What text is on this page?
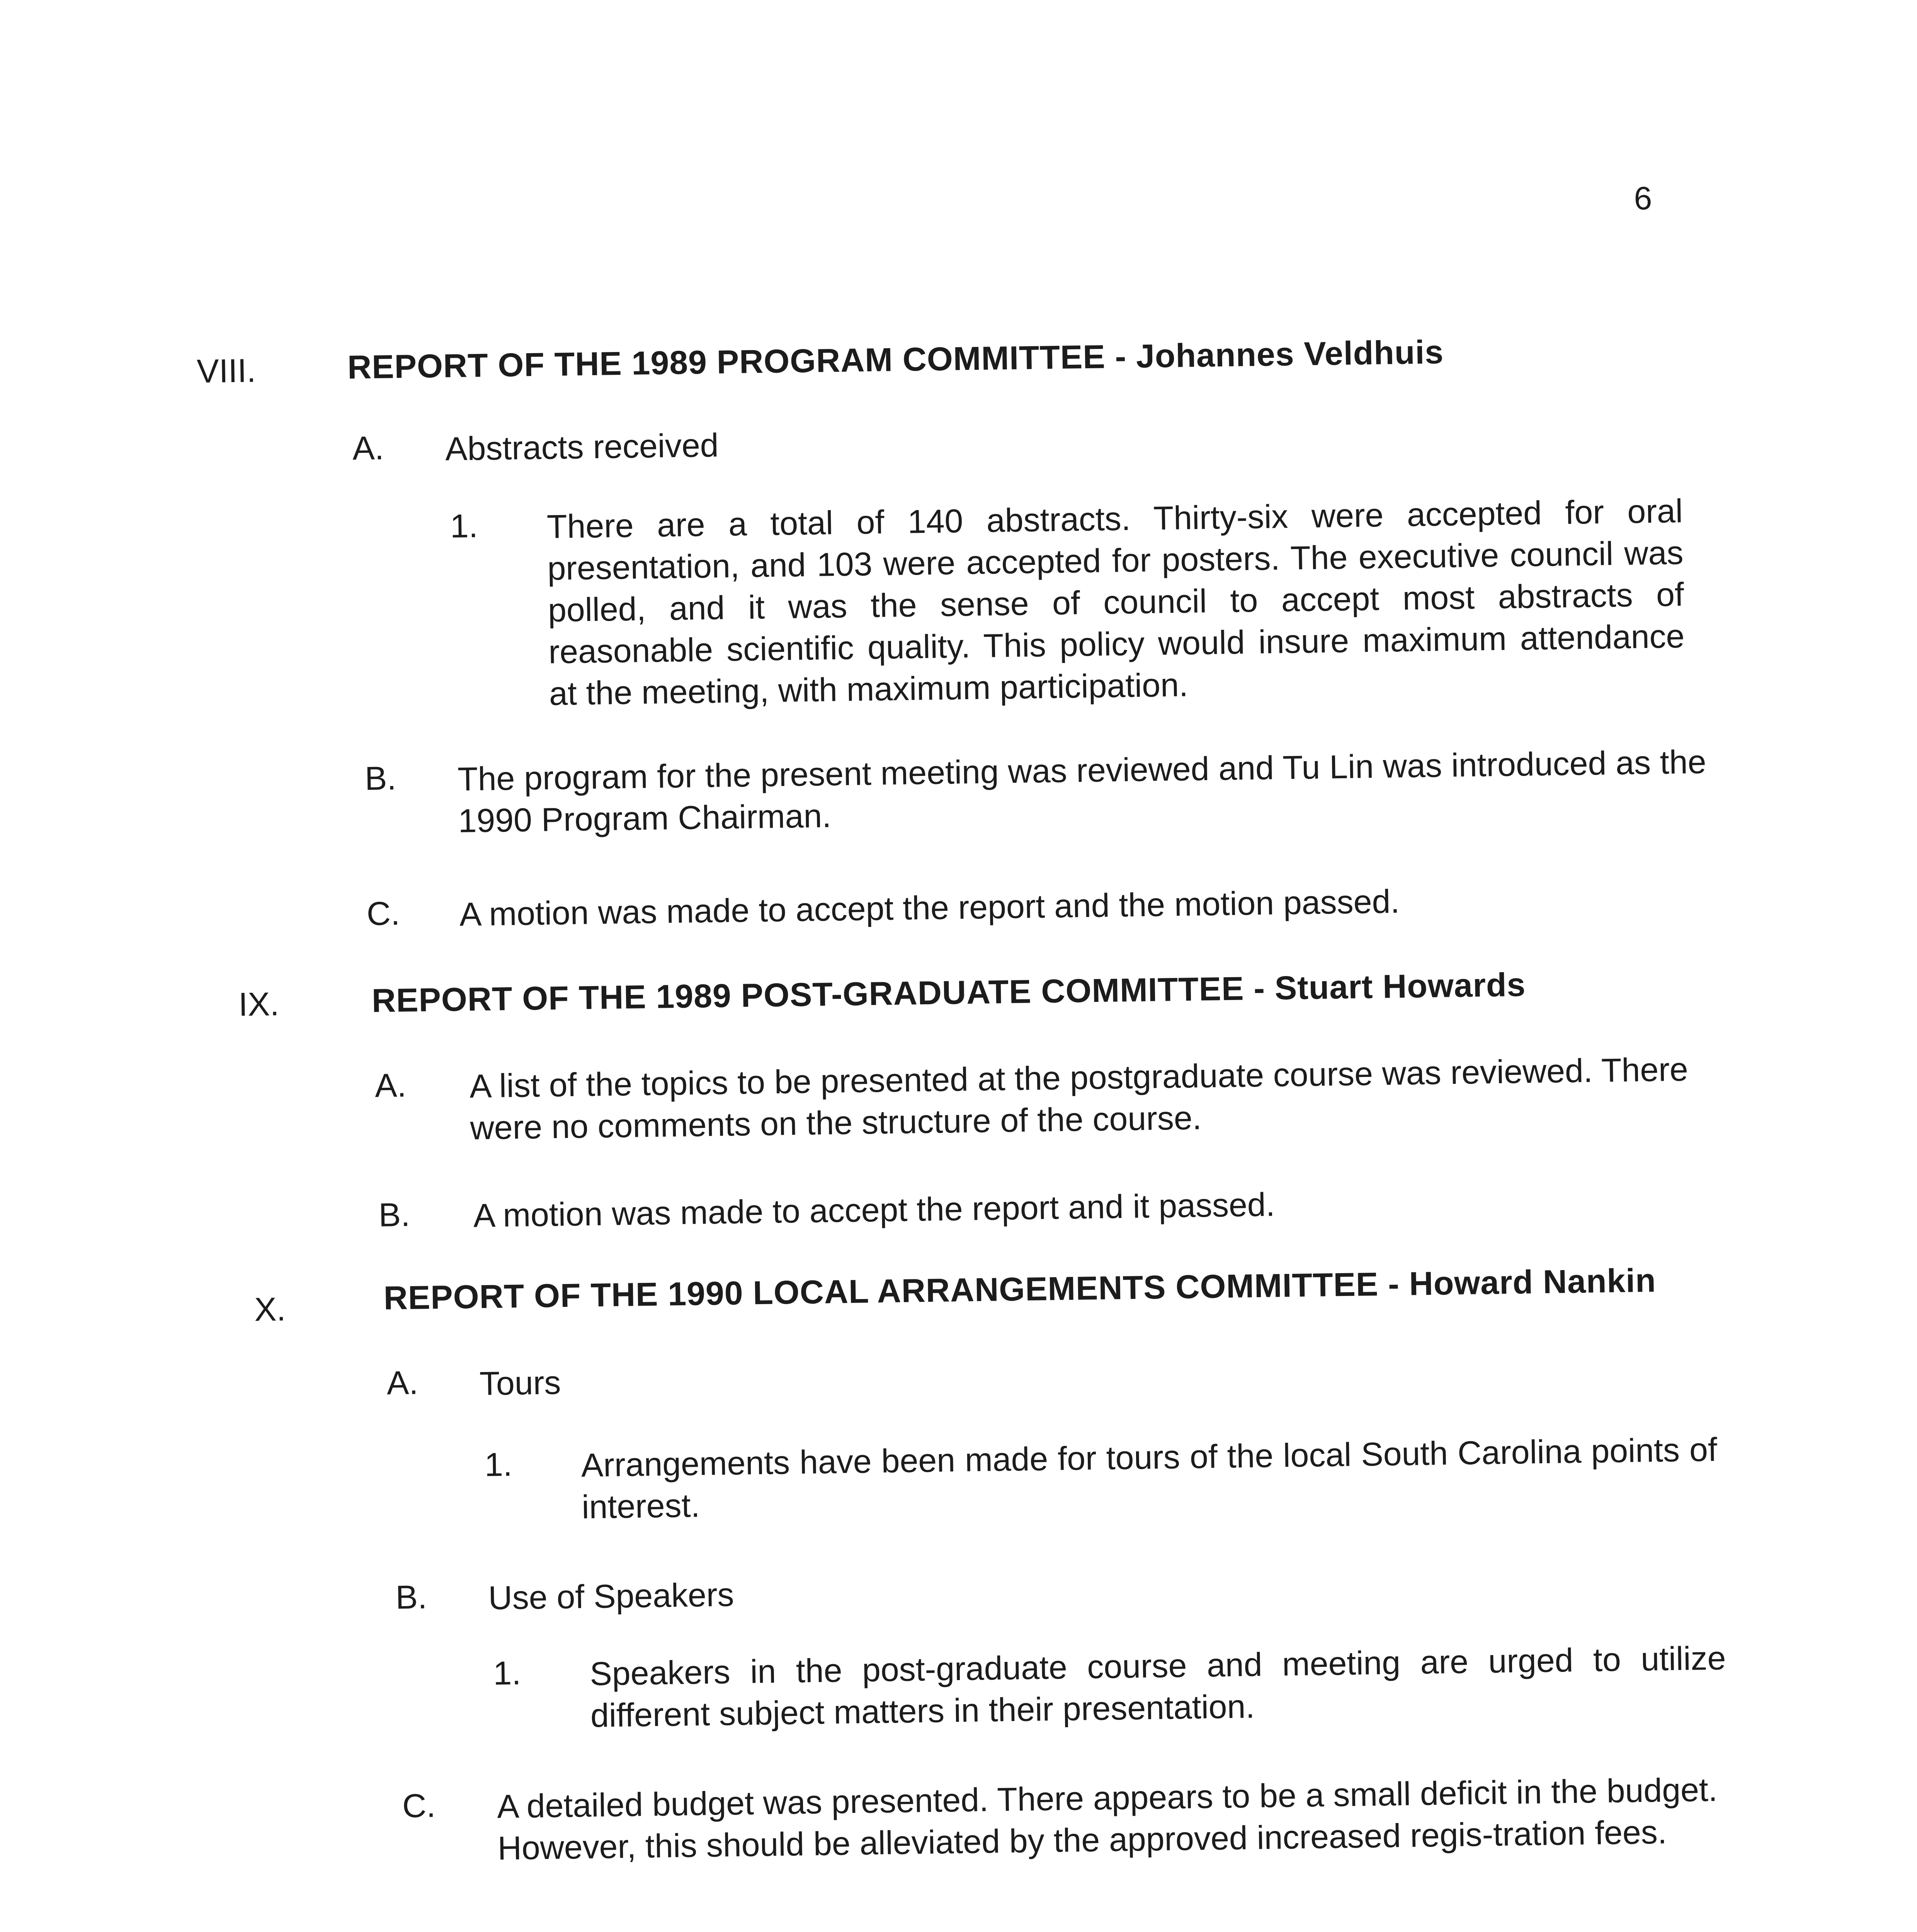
6
VIII.	REPORT OF THE 1989 PROGRAM COMMITTEE - Johannes Veldhuis
A. Abstracts received
1. There are a total of 140 abstracts. Thirty-six were accepted for oral presentation, and 103 were accepted for posters. The executive council was polled, and it was the sense of council to accept most abstracts of reasonable scientific quality. This policy would insure maximum attendance at the meeting, with maximum participation.
B. The program for the present meeting was reviewed and Tu Lin was introduced as the 1990 Program Chairman.
C. A motion was made to accept the report and the motion passed.
IX.	REPORT OF THE 1989 POST-GRADUATE COMMITTEE - Stuart Howards
A. A list of the topics to be presented at the postgraduate course was reviewed. There were no comments on the structure of the course.
B. A motion was made to accept the report and it passed.
X.	REPORT OF THE 1990 LOCAL ARRANGEMENTS COMMITTEE - Howard Nankin
A. Tours
1. Arrangements have been made for tours of the local South Carolina points of interest.
B. Use of Speakers
1. Speakers in the post-graduate course and meeting are urged to utilize different subject matters in their presentation.
C. A detailed budget was presented. There appears to be a small deficit in the budget. However, this should be alleviated by the approved increased regis-tration fees.
